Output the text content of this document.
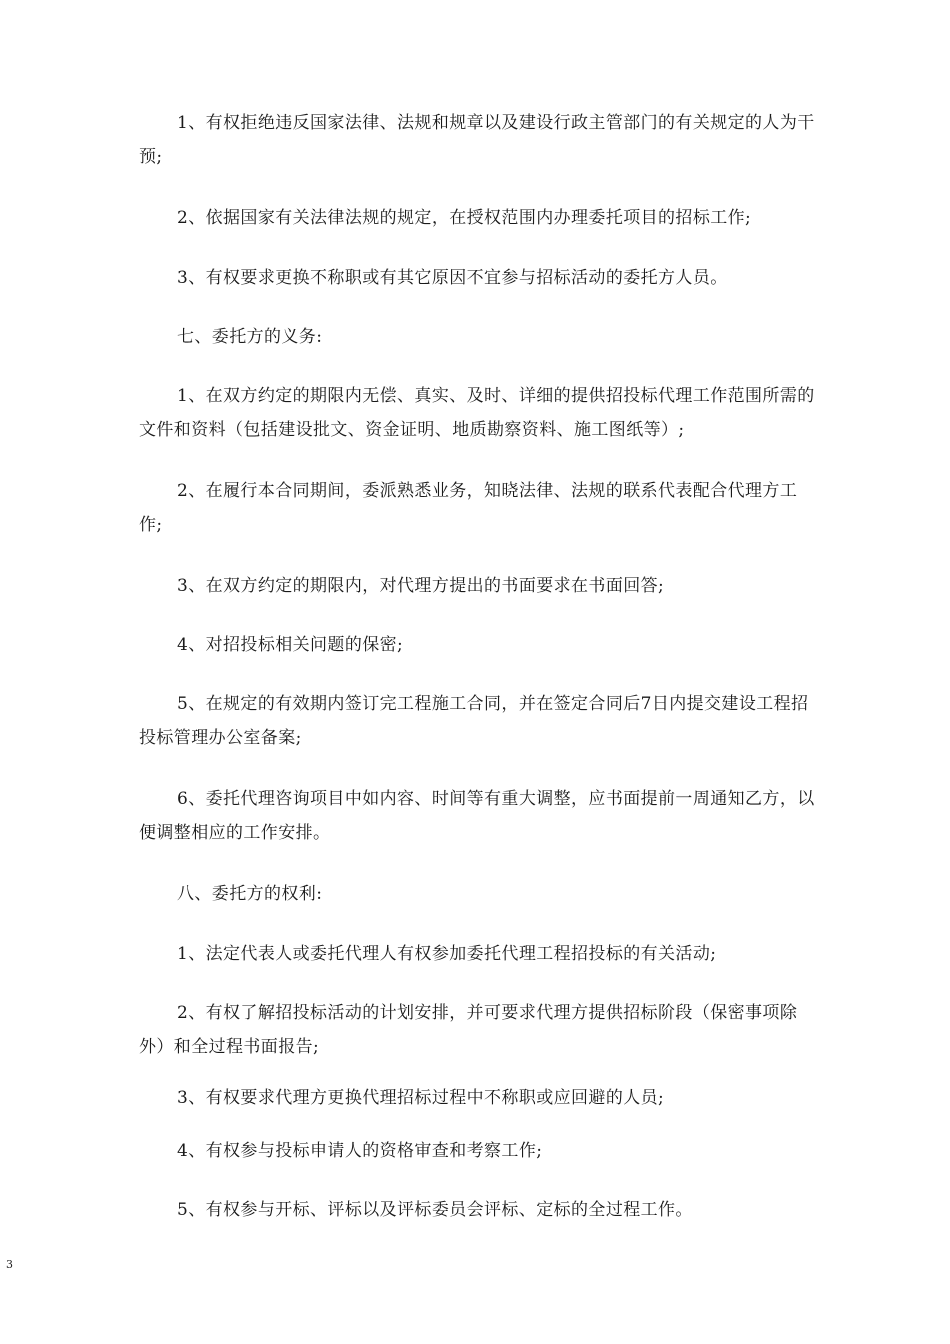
1、有权拒绝违反国家法律、法规和规章以及建设行政主管部门的有关规定的人为干预;

2、依据国家有关法律法规的规定，在授权范围内办理委托项目的招标工作;

3、有权要求更换不称职或有其它原因不宜参与招标活动的委托方人员。

七、委托方的义务:

1、在双方约定的期限内无偿、真实、及时、详细的提供招投标代理工作范围所需的文件和资料（包括建设批文、资金证明、地质勘察资料、施工图纸等）;

2、在履行本合同期间，委派熟悉业务，知晓法律、法规的联系代表配合代理方工作;

3、在双方约定的期限内，对代理方提出的书面要求在书面回答;

4、对招投标相关问题的保密;

5、在规定的有效期内签订完工程施工合同，并在签定合同后7日内提交建设工程招投标管理办公室备案;

6、委托代理咨询项目中如内容、时间等有重大调整，应书面提前一周通知乙方，以便调整相应的工作安排。

八、委托方的权利:

1、法定代表人或委托代理人有权参加委托代理工程招投标的有关活动;

2、有权了解招投标活动的计划安排，并可要求代理方提供招标阶段（保密事项除外）和全过程书面报告;

3、有权要求代理方更换代理招标过程中不称职或应回避的人员;

4、有权参与投标申请人的资格审查和考察工作;

5、有权参与开标、评标以及评标委员会评标、定标的全过程工作。

3
